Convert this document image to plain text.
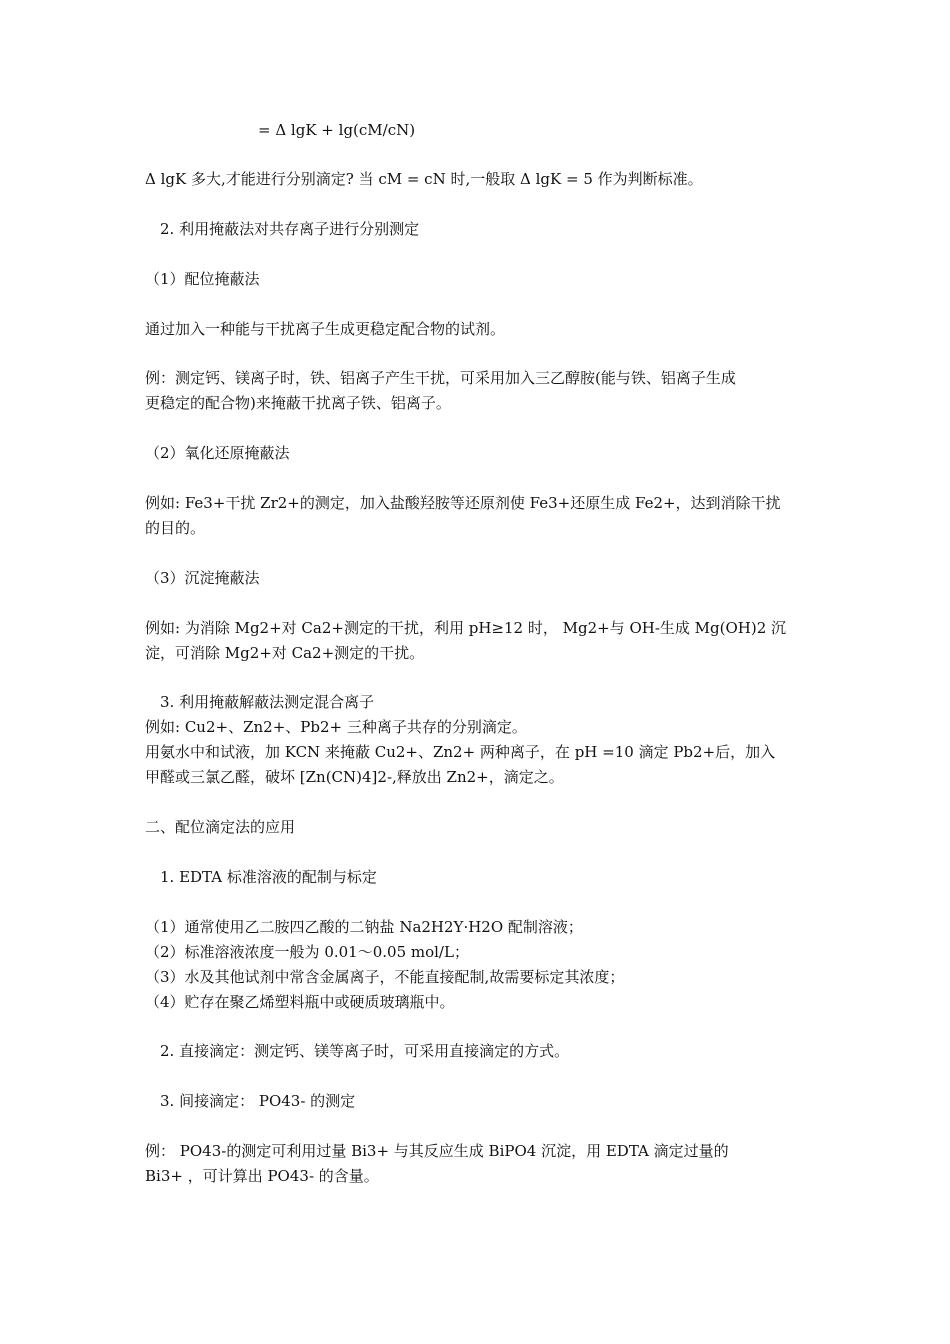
= Δ lgK + lg(cM/cN)
Δ lgK 多大,才能进行分别滴定? 当 cM = cN 时,一般取 Δ lgK = 5 作为判断标准。
2. 利用掩蔽法对共存离子进行分别测定
（1）配位掩蔽法
通过加入一种能与干扰离子生成更稳定配合物的试剂。
例：测定钙、镁离子时，铁、铝离子产生干扰，可采用加入三乙醇胺(能与铁、铝离子生成
更稳定的配合物)来掩蔽干扰离子铁、铝离子。
（2）氧化还原掩蔽法
例如: Fe3+干扰 Zr2+的测定，加入盐酸羟胺等还原剂使 Fe3+还原生成 Fe2+，达到消除干扰
的目的。
（3）沉淀掩蔽法
例如: 为消除 Mg2+对 Ca2+测定的干扰，利用 pH≥12 时， Mg2+与 OH-生成 Mg(OH)2 沉
淀，可消除 Mg2+对 Ca2+测定的干扰。
3. 利用掩蔽解蔽法测定混合离子
例如: Cu2+、Zn2+、Pb2+ 三种离子共存的分别滴定。
用氨水中和试液，加 KCN 来掩蔽 Cu2+、Zn2+ 两种离子，在 pH =10 滴定 Pb2+后，加入
甲醛或三氯乙醛，破坏 [Zn(CN)4]2-,释放出 Zn2+，滴定之。
二、配位滴定法的应用
1. EDTA 标准溶液的配制与标定
（1）通常使用乙二胺四乙酸的二钠盐 Na2H2Y·H2O 配制溶液；
（2）标准溶液浓度一般为 0.01～0.05 mol/L；
（3）水及其他试剂中常含金属离子，不能直接配制,故需要标定其浓度；
（4）贮存在聚乙烯塑料瓶中或硬质玻璃瓶中。
2. 直接滴定：测定钙、镁等离子时，可采用直接滴定的方式。
3. 间接滴定： PO43- 的测定
例： PO43-的测定可利用过量 Bi3+ 与其反应生成 BiPO4 沉淀，用 EDTA 滴定过量的
Bi3+ ，可计算出 PO43- 的含量。
